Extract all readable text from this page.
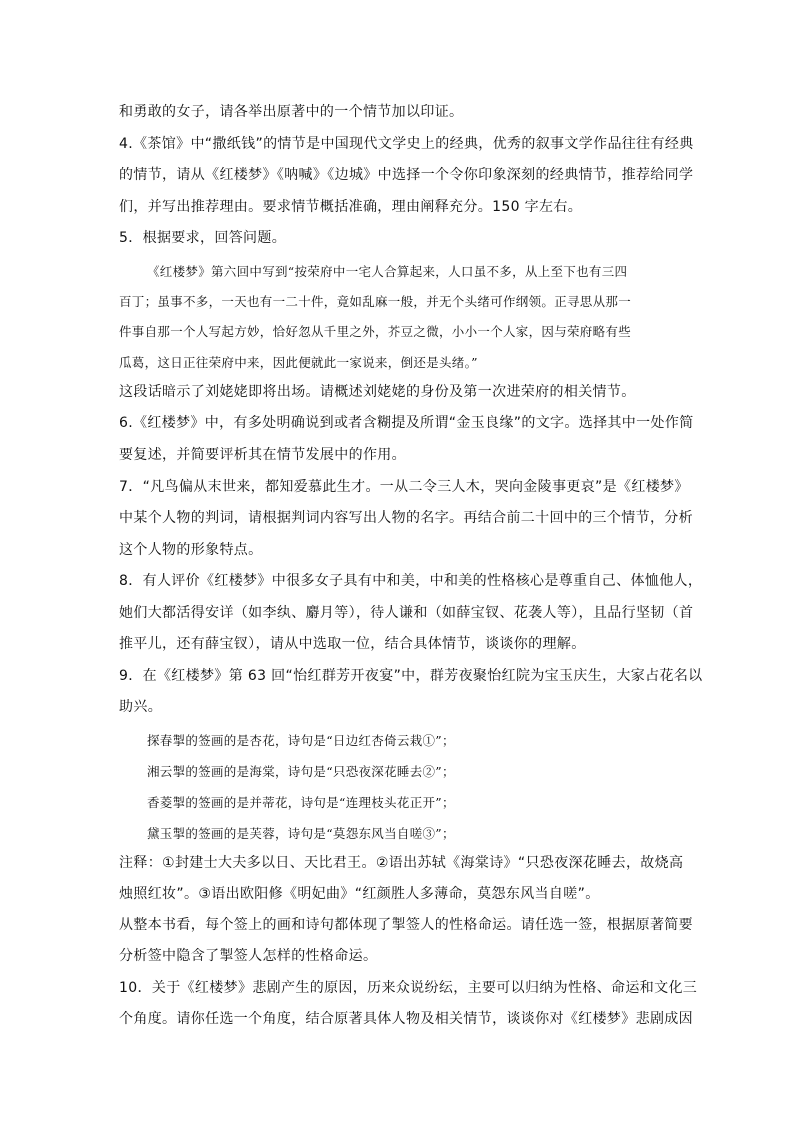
和勇敢的女子，请各举出原著中的一个情节加以印证。
4.《茶馆》中“撒纸钱”的情节是中国现代文学史上的经典，优秀的叙事文学作品往往有经典
的情节，请从《红楼梦》《呐喊》《边城》中选择一个令你印象深刻的经典情节，推荐给同学
们，并写出推荐理由。要求情节概括准确，理由阐释充分。150 字左右。
5．根据要求，回答问题。
《红楼梦》第六回中写到“按荣府中一宅人合算起来，人口虽不多，从上至下也有三四
百丁；虽事不多，一天也有一二十件，竟如乱麻一般，并无个头绪可作纲领。正寻思从那一
件事自那一个人写起方妙，恰好忽从千里之外，芥豆之微，小小一个人家，因与荣府略有些
瓜葛，这日正往荣府中来，因此便就此一家说来，倒还是头绪。”
这段话暗示了刘姥姥即将出场。请概述刘姥姥的身份及第一次进荣府的相关情节。
6.《红楼梦》中，有多处明确说到或者含糊提及所谓“金玉良缘”的文字。选择其中一处作简
要复述，并简要评析其在情节发展中的作用。
7．“凡鸟偏从末世来，都知爱慕此生才。一从二令三人木，哭向金陵事更哀”是《红楼梦》
中某个人物的判词，请根据判词内容写出人物的名字。再结合前二十回中的三个情节，分析
这个人物的形象特点。
8．有人评价《红楼梦》中很多女子具有中和美，中和美的性格核心是尊重自己、体恤他人，
她们大都活得安详（如李纨、麝月等），待人谦和（如薛宝钗、花袭人等），且品行坚韧（首
推平儿，还有薛宝钗），请从中选取一位，结合具体情节，谈谈你的理解。
9．在《红楼梦》第 63 回“怡红群芳开夜宴”中，群芳夜聚怡红院为宝玉庆生，大家占花名以
助兴。
探春掣的签画的是杏花，诗句是“日边红杏倚云栽①”；
湘云掣的签画的是海棠，诗句是“只恐夜深花睡去②”；
香菱掣的签画的是并蒂花，诗句是“连理枝头花正开”；
黛玉掣的签画的是芙蓉，诗句是“莫怨东风当自嗟③”；
注释：①封建士大夫多以日、天比君王。②语出苏轼《海棠诗》“只恐夜深花睡去，故烧高
烛照红妆”。③语出欧阳修《明妃曲》“红颜胜人多薄命，莫怨东风当自嗟”。
从整本书看，每个签上的画和诗句都体现了掣签人的性格命运。请任选一签，根据原著简要
分析签中隐含了掣签人怎样的性格命运。
10．关于《红楼梦》悲剧产生的原因，历来众说纷纭，主要可以归纳为性格、命运和文化三
个角度。请你任选一个角度，结合原著具体人物及相关情节，谈谈你对《红楼梦》悲剧成因
